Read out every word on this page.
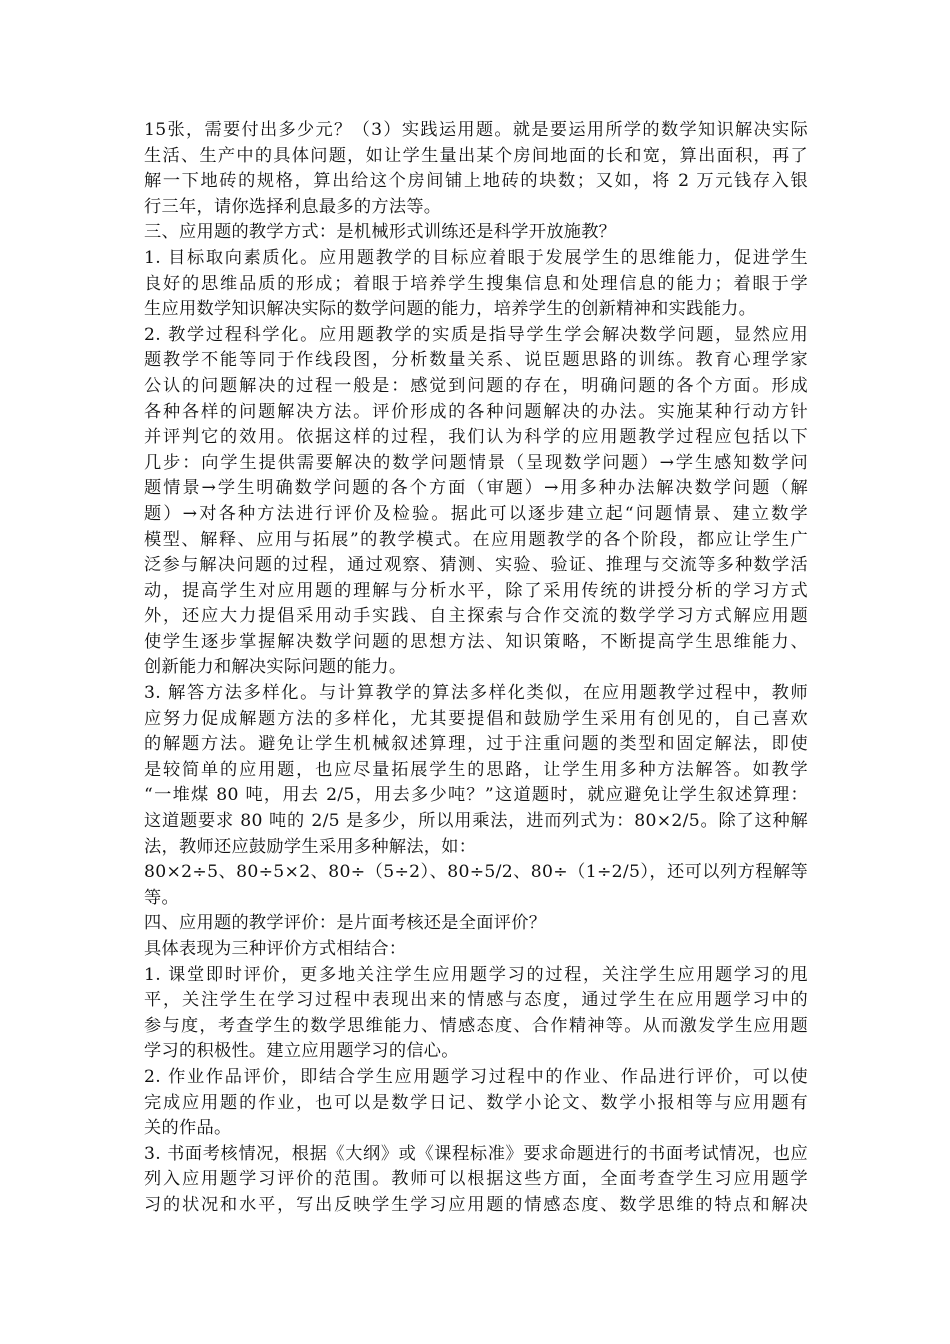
15张，需要付出多少元？（3）实践运用题。就是要运用所学的数学知识解决实际
生活、生产中的具体问题，如让学生量出某个房间地面的长和宽，算出面积，再了
解一下地砖的规格，算出给这个房间铺上地砖的块数；又如，将 2 万元钱存入银
行三年，请你选择利息最多的方法等。
三、应用题的教学方式：是机械形式训练还是科学开放施教？
1. 目标取向素质化。应用题教学的目标应着眼于发展学生的思维能力，促进学生
良好的思维品质的形成；着眼于培养学生搜集信息和处理信息的能力；着眼于学
生应用数学知识解决实际的数学问题的能力，培养学生的创新精神和实践能力。
2. 教学过程科学化。应用题教学的实质是指导学生学会解决数学问题，显然应用
题教学不能等同于作线段图，分析数量关系、说臣题思路的训练。教育心理学家
公认的问题解决的过程一般是：感觉到问题的存在，明确问题的各个方面。形成
各种各样的问题解决方法。评价形成的各种问题解决的办法。实施某种行动方针
并评判它的效用。依据这样的过程，我们认为科学的应用题教学过程应包括以下
几步：向学生提供需要解决的数学问题情景（呈现数学问题）→学生感知数学问
题情景→学生明确数学问题的各个方面（审题）→用多种办法解决数学问题（解
题）→对各种方法进行评价及检验。据此可以逐步建立起“问题情景、建立数学
模型、解释、应用与拓展”的教学模式。在应用题教学的各个阶段，都应让学生广
泛参与解决问题的过程，通过观察、猜测、实验、验证、推理与交流等多种数学活
动，提高学生对应用题的理解与分析水平，除了采用传统的讲授分析的学习方式
外，还应大力提倡采用动手实践、自主探索与合作交流的数学学习方式解应用题
使学生逐步掌握解决数学问题的思想方法、知识策略，不断提高学生思维能力、
创新能力和解决实际问题的能力。
3. 解答方法多样化。与计算教学的算法多样化类似，在应用题教学过程中，教师
应努力促成解题方法的多样化，尤其要提倡和鼓励学生采用有创见的，自己喜欢
的解题方法。避免让学生机械叙述算理，过于注重问题的类型和固定解法，即使
是较简单的应用题，也应尽量拓展学生的思路，让学生用多种方法解答。如教学
“一堆煤 80 吨，用去 2/5，用去多少吨？”这道题时，就应避免让学生叙述算理：
这道题要求 80 吨的 2/5 是多少，所以用乘法，进而列式为：80×2/5。除了这种解
法，教师还应鼓励学生采用多种解法，如：
80×2÷5、80÷5×2、80÷（5÷2）、80÷5/2、80÷（1÷2/5），还可以列方程解等
等。
四、应用题的教学评价：是片面考核还是全面评价？
具体表现为三种评价方式相结合：
1. 课堂即时评价，更多地关注学生应用题学习的过程，关注学生应用题学习的甩
平，关注学生在学习过程中表现出来的情感与态度，通过学生在应用题学习中的
参与度，考查学生的数学思维能力、情感态度、合作精神等。从而激发学生应用题
学习的积极性。建立应用题学习的信心。
2. 作业作品评价，即结合学生应用题学习过程中的作业、作品进行评价，可以使
完成应用题的作业，也可以是数学日记、数学小论文、数学小报相等与应用题有
关的作品。
3. 书面考核情况，根据《大纲》或《课程标准》要求命题进行的书面考试情况，也应
列入应用题学习评价的范围。教师可以根据这些方面，全面考查学生习应用题学
习的状况和水平，写出反映学生学习应用题的情感态度、数学思维的特点和解决
